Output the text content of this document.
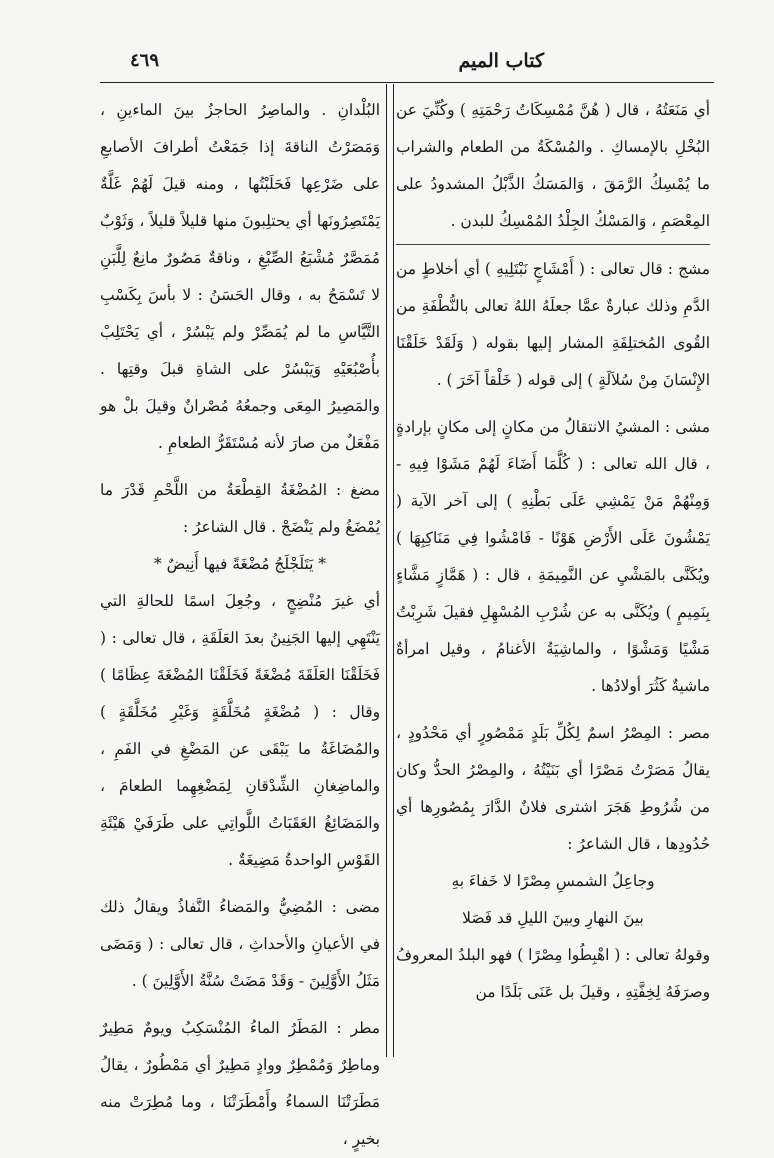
كتاب الميم
٤٦٩

أي مَنَعَتُهُ ، قال ( هُنَّ مُمْسِكَاتُ رَحْمَتِهِ ) وكُنِّيَ عن البُخْلِ بالإمساكِ . والمُسْكَةُ من الطعام والشراب ما يُمْسِكُ الرَّمَقَ ، وَالمَسَكُ الذَّبْلُ المشدودُ على المِعْصَمِ ، وَالمَسْكُ الجِلْدُ المُمْسِكُ للبدن .

مشج : قال تعالى : ( أَمْشَاجٍ نَبْتَلِيهِ ) أي أخلاطٍ من الدَّمِ وذلك عبارةٌ عمَّا جعلَهُ اللهُ تعالى بالنُّطْفَةِ من القُوى المُختلِفَةِ المشار إليها بقوله ( وَلَقَدْ خَلَقْنَا الإِنْسَانَ مِنْ سُلاَلَةٍ ) إلى قوله ( خَلْقاً آخَرَ ) .

مشى : المشيُ الانتقالُ من مكانٍ إلى مكانٍ بإرادةٍ ، قال الله تعالى : ( كُلَّمَا أَضَاءَ لَهُمْ مَشَوْا فِيهِ - وَمِنْهُمْ مَنْ يَمْشِي عَلَى بَطْنِهِ ) إلى آخر الآية ( يَمْشُونَ عَلَى الأَرْضِ هَوْنًا - فَامْشُوا فِي مَنَاكِبِهَا ) ويُكَنَّى بالمَشْيِ عن النَّمِيمَةِ ، قال : ( هَمَّازٍ مَشَّاءٍ بِنَمِيمٍ ) ويُكَنَّى به عن شُرْبِ المُسْهِلِ فقيلَ شَرِبْتُ مَشْيًا وَمَشْوًا ، والماشِيَةُ الأغنامُ ، وقيل امرأةٌ ماشيةٌ كَثُرَ أولادُها .

مصر : المِصْرُ اسمٌ لِكُلِّ بَلَدٍ مَمْصُورٍ أي مَحْدُودٍ ، يقالُ مَصَرْتُ مَصْرًا أي بَنَيْتُهُ ، والمِصْرُ الحدُّ وكان من شُرُوطِ هَجَرَ اشترى فلانٌ الدَّارَ بِمُصُورِها أي حُدُودِها ، قال الشاعرُ :

وجاعِلُ الشمسِ مِصْرًا لا خَفاءَ بهِ

بينَ النهارِ وبينَ الليلِ قد فَصَلا

وقولهُ تعالى : ( اهْبِطُوا مِصْرًا ) فهو البلدُ المعروفُ وصرَفَهُ لِخِفَّتِهِ ، وقيلَ بل عَنَى بَلَدًا من

البُلْدانِ . والماصِرُ الحاجزُ بينَ الماءينِ ، وَمَصَرْتُ الناقةَ إذا جَمَعْتُ أطرافَ الأصابعِ على ضَرْعِها فَحَلَبْتُها ، ومنه قيلَ لَهُمْ غَلَّةٌ يَمْتَصِرُونَها أي يحتلِبونَ منها قليلاً قليلاً ، وَثَوْبٌ مُمَصَّرٌ مُشْبَعُ الصِّبْغِ ، وناقةٌ مَصُورٌ مانِعٌ لِلَّبَنِ لا تَسْمَحُ به ، وقال الحَسَنُ : لا بأسَ بِكَسْبِ التَّيَّاسِ ما لم يُمَصِّرْ ولم يَبْسُرْ ، أي يَحْتَلِبْ بأُصْبُعَيْهِ وَيَبْسُرْ على الشاةِ قبلَ وقتِها . والمَصِيرُ المِعَى وجمعُهُ مُصْرانٌ وقيلَ بلْ هو مَفْعَلٌ من صارَ لأنه مُسْتَقَرُّ الطعامِ .

مضغ : المُضْغَةُ القِطْعَةُ من اللَّحْمِ قَدْرَ ما يُمْضَغُ ولم يَنْضَجْ . قال الشاعرُ :

* يَتَلَجْلَجُ مُضْغَةً فيها أَنِيضٌ *

أي غيرَ مُنْضِجٍ ، وجُعِلَ اسمًا للحالةِ التي يَنْتَهِي إليها الجَنِينُ بعدَ العَلَقَةِ ، قال تعالى : ( فَخَلَقْنَا العَلَقَةَ مُضْغَةً فَخَلَقْنَا المُضْغَةَ عِظَامًا ) وقال : ( مُضْغَةٍ مُخَلَّقَةٍ وَغَيْرِ مُخَلَّقَةٍ ) والمُضَاغَةُ ما يَبْقَى عن المَضْغِ في الفَمِ ، والماضِغانِ الشِّدْقانِ لِمَضْغِهِما الطعامَ ، والمَضَائِغُ العَقَبَاتُ اللَّواتِي على طَرَفَيْ هَيْئَةِ القَوْسِ الواحدةُ مَضِيغَةٌ .

مضى : المُضِيُّ والمَضاءُ النَّفاذُ ويقالُ ذلك في الأعيانِ والأحداثِ ، قال تعالى : ( وَمَضَى مَثَلُ الأَوَّلِينَ - وَقَدْ مَضَتْ سُنَّةُ الأَوَّلِينَ ) .

مطر : المَطَرُ الماءُ المُنْسَكِبُ ويومٌ مَطِيرٌ وماطِرٌ وَمُمْطِرٌ ووادٍ مَطِيرٌ أي مَمْطُورٌ ، يقالُ مَطَرَتْنَا السماءُ وأَمْطَرَتْنَا ، وما مُطِرَتْ منه بخيرٍ ،
